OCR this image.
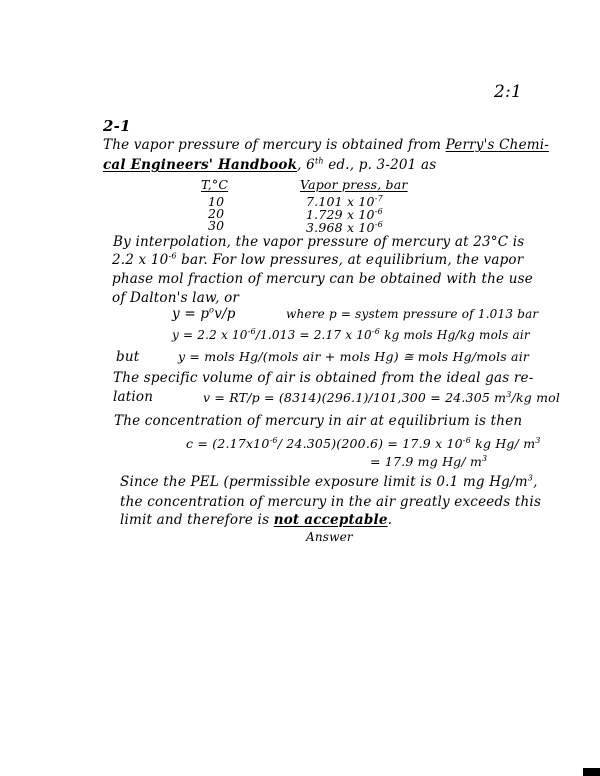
2:1
2-1
The vapor pressure of mercury is obtained from Perry's Chemi-
cal Engineers' Handbook, 6th ed., p. 3-201 as
T,°C	Vapor press, bar
10	7.101 x $10^{-7}$
20	1.729 x $10^{-6}$
30	3.968 x $10^{-6}$
By interpolation, the vapor pressure of mercury at 23°C is
2.2 x $10^{-6}$ bar. For low pressures, at equilibrium, the vapor
phase mol fraction of mercury can be obtained with the use
of Dalton's law, or
$y = p^ov/p$	where p = system pressure of 1.013 bar
y = 2.2 x $10^{-6}/1.013 = 2.17$ x $10^{-6}$ kg mols Hg/kg mols air
but	y = mols Hg/(mols air + mols Hg) ≅ mols Hg/mols air
The specific volume of air is obtained from the ideal gas re-
lation	v = RT/p = (8314)(296.1)/101,300 = 24.305 $m^3/kg$ mol
The concentration of mercury in air at equilibrium is then
$c = (2.17x10^{-6}/$ 24.305)(200.6) = 17.9 x $10^{-6}$ kg Hg/ $m^3$
= 17.9 mg Hg/ $m^3$
Since the PEL (permissible exposure limit is 0.1 mg $Hg/m^3$,
the concentration of mercury in the air greatly exceeds this
limit and therefore is not acceptable.
Answer
